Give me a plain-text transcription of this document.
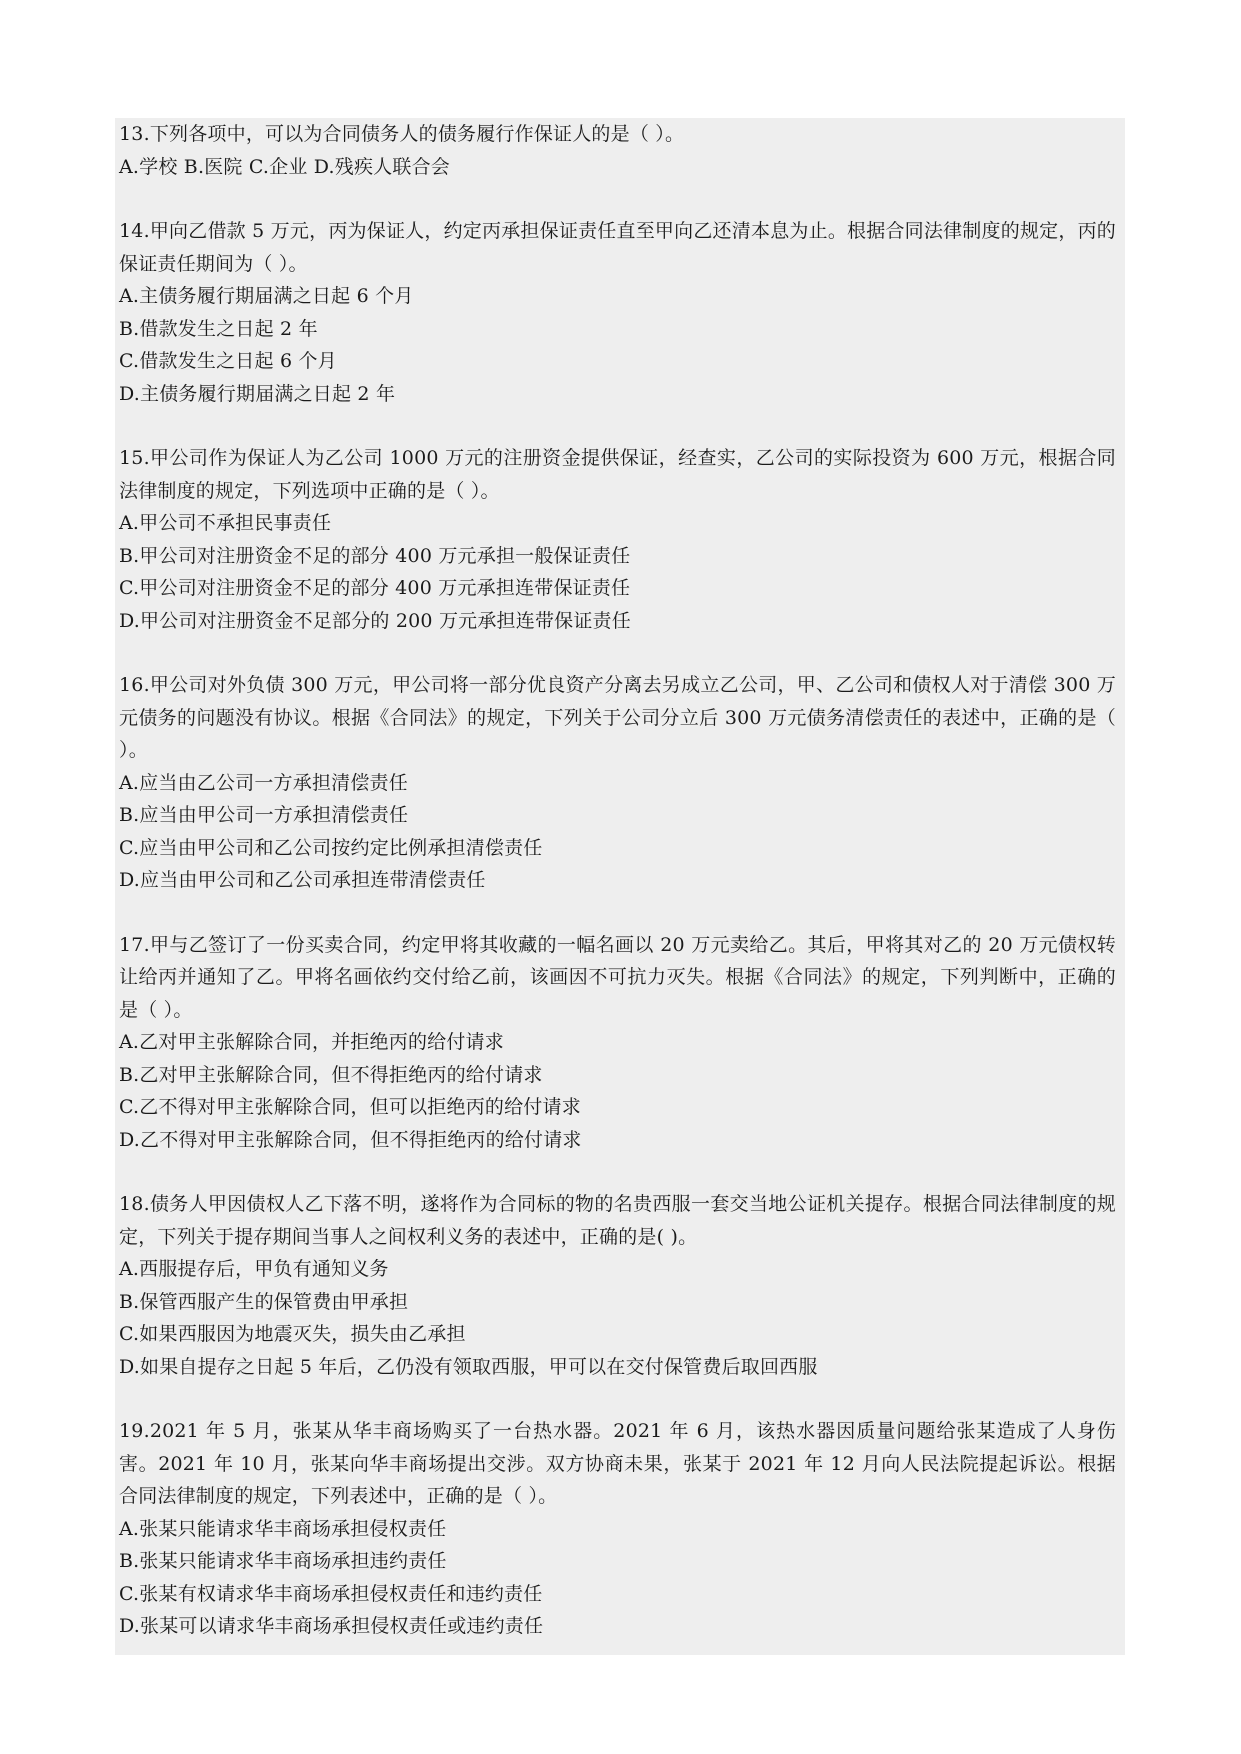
13.下列各项中，可以为合同债务人的债务履行作保证人的是（ ）。
A.学校 B.医院 C.企业 D.残疾人联合会
14.甲向乙借款 5 万元，丙为保证人，约定丙承担保证责任直至甲向乙还清本息为止。根据合同法律制度的规定，丙的保证责任期间为（ ）。
A.主债务履行期届满之日起 6 个月
B.借款发生之日起 2 年
C.借款发生之日起 6 个月
D.主债务履行期届满之日起 2 年
15.甲公司作为保证人为乙公司 1000 万元的注册资金提供保证，经查实，乙公司的实际投资为 600 万元，根据合同法律制度的规定，下列选项中正确的是（ ）。
A.甲公司不承担民事责任
B.甲公司对注册资金不足的部分 400 万元承担一般保证责任
C.甲公司对注册资金不足的部分 400 万元承担连带保证责任
D.甲公司对注册资金不足部分的 200 万元承担连带保证责任
16.甲公司对外负债 300 万元，甲公司将一部分优良资产分离去另成立乙公司，甲、乙公司和债权人对于清偿 300 万元债务的问题没有协议。根据《合同法》的规定，下列关于公司分立后 300 万元债务清偿责任的表述中，正确的是（ ）。
A.应当由乙公司一方承担清偿责任
B.应当由甲公司一方承担清偿责任
C.应当由甲公司和乙公司按约定比例承担清偿责任
D.应当由甲公司和乙公司承担连带清偿责任
17.甲与乙签订了一份买卖合同，约定甲将其收藏的一幅名画以 20 万元卖给乙。其后，甲将其对乙的 20 万元债权转让给丙并通知了乙。甲将名画依约交付给乙前，该画因不可抗力灭失。根据《合同法》的规定，下列判断中，正确的是（ ）。
A.乙对甲主张解除合同，并拒绝丙的给付请求
B.乙对甲主张解除合同，但不得拒绝丙的给付请求
C.乙不得对甲主张解除合同，但可以拒绝丙的给付请求
D.乙不得对甲主张解除合同，但不得拒绝丙的给付请求
18.债务人甲因债权人乙下落不明，遂将作为合同标的物的名贵西服一套交当地公证机关提存。根据合同法律制度的规定，下列关于提存期间当事人之间权利义务的表述中，正确的是( )。
A.西服提存后，甲负有通知义务
B.保管西服产生的保管费由甲承担
C.如果西服因为地震灭失，损失由乙承担
D.如果自提存之日起 5 年后，乙仍没有领取西服，甲可以在交付保管费后取回西服
19.2021 年 5 月，张某从华丰商场购买了一台热水器。2021 年 6 月，该热水器因质量问题给张某造成了人身伤害。2021 年 10 月，张某向华丰商场提出交涉。双方协商未果，张某于 2021 年 12 月向人民法院提起诉讼。根据合同法律制度的规定，下列表述中，正确的是（ ）。
A.张某只能请求华丰商场承担侵权责任
B.张某只能请求华丰商场承担违约责任
C.张某有权请求华丰商场承担侵权责任和违约责任
D.张某可以请求华丰商场承担侵权责任或违约责任
